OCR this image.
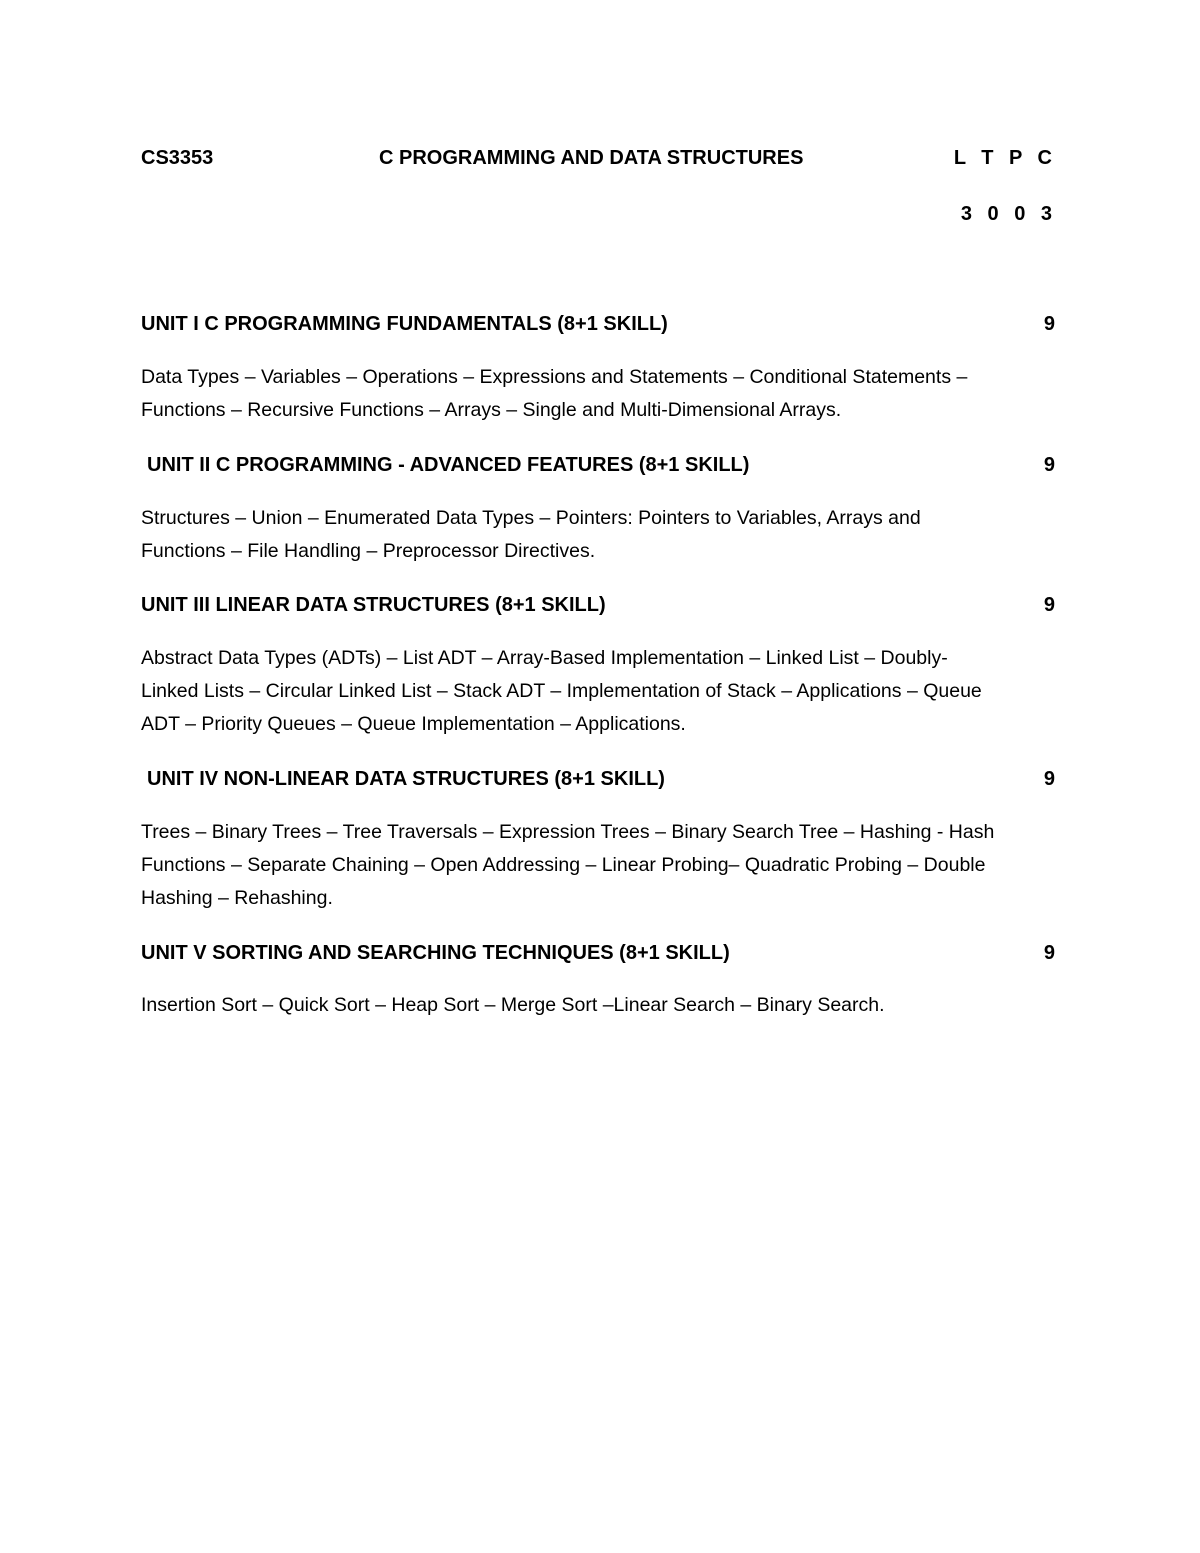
CS3353	C PROGRAMMING AND DATA STRUCTURES	L T P C
3 0 0 3
UNIT I C PROGRAMMING FUNDAMENTALS (8+1 SKILL)	9
Data Types – Variables – Operations – Expressions and Statements – Conditional Statements –
Functions – Recursive Functions – Arrays – Single and Multi-Dimensional Arrays.
UNIT II C PROGRAMMING - ADVANCED FEATURES (8+1 SKILL)	9
Structures – Union – Enumerated Data Types – Pointers: Pointers to Variables, Arrays and
Functions – File Handling – Preprocessor Directives.
UNIT III LINEAR DATA STRUCTURES (8+1 SKILL)	9
Abstract Data Types (ADTs) – List ADT – Array-Based Implementation – Linked List – Doubly-
Linked Lists – Circular Linked List – Stack ADT – Implementation of Stack – Applications – Queue
ADT – Priority Queues – Queue Implementation – Applications.
UNIT IV NON-LINEAR DATA STRUCTURES (8+1 SKILL)	9
Trees – Binary Trees – Tree Traversals – Expression Trees – Binary Search Tree – Hashing - Hash
Functions – Separate Chaining – Open Addressing – Linear Probing– Quadratic Probing – Double
Hashing – Rehashing.
UNIT V SORTING AND SEARCHING TECHNIQUES (8+1 SKILL)	9
Insertion Sort – Quick Sort – Heap Sort – Merge Sort –Linear Search – Binary Search.
